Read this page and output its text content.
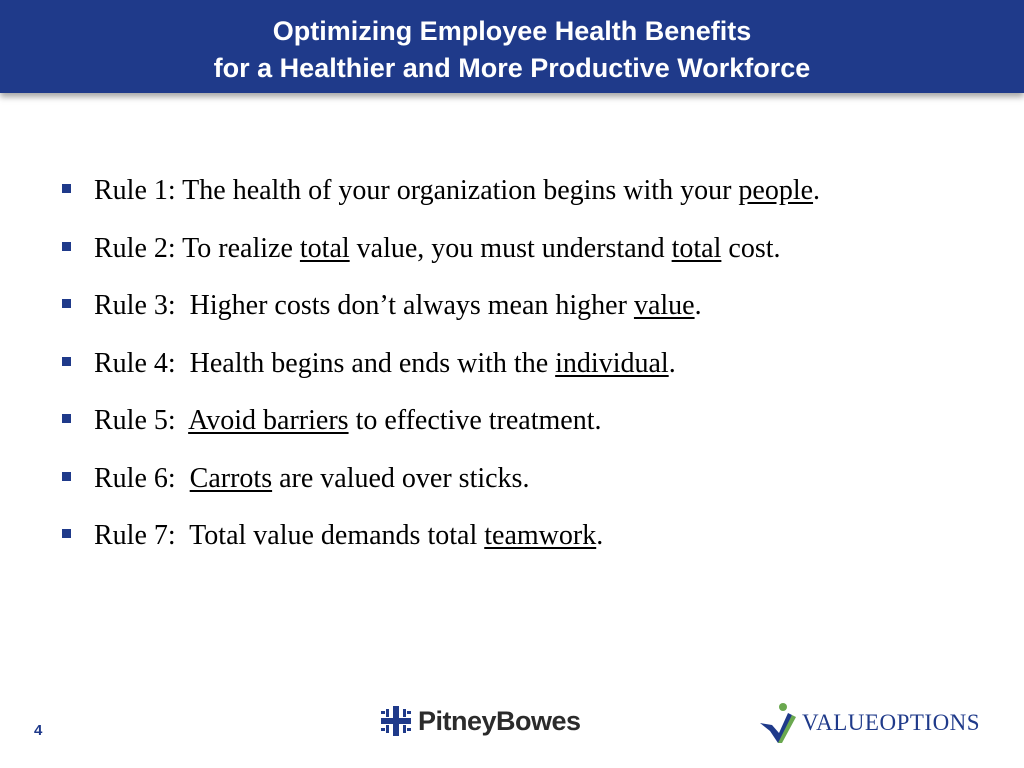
Optimizing Employee Health Benefits
for a Healthier and More Productive Workforce
Rule 1: The health of your organization begins with your people.
Rule 2: To realize total value, you must understand total cost.
Rule 3:  Higher costs don’t always mean higher value.
Rule 4:  Health begins and ends with the individual.
Rule 5:  Avoid barriers to effective treatment.
Rule 6:  Carrots are valued over sticks.
Rule 7:  Total value demands total teamwork.
4	PitneyBowes	VALUEOPTIONS
